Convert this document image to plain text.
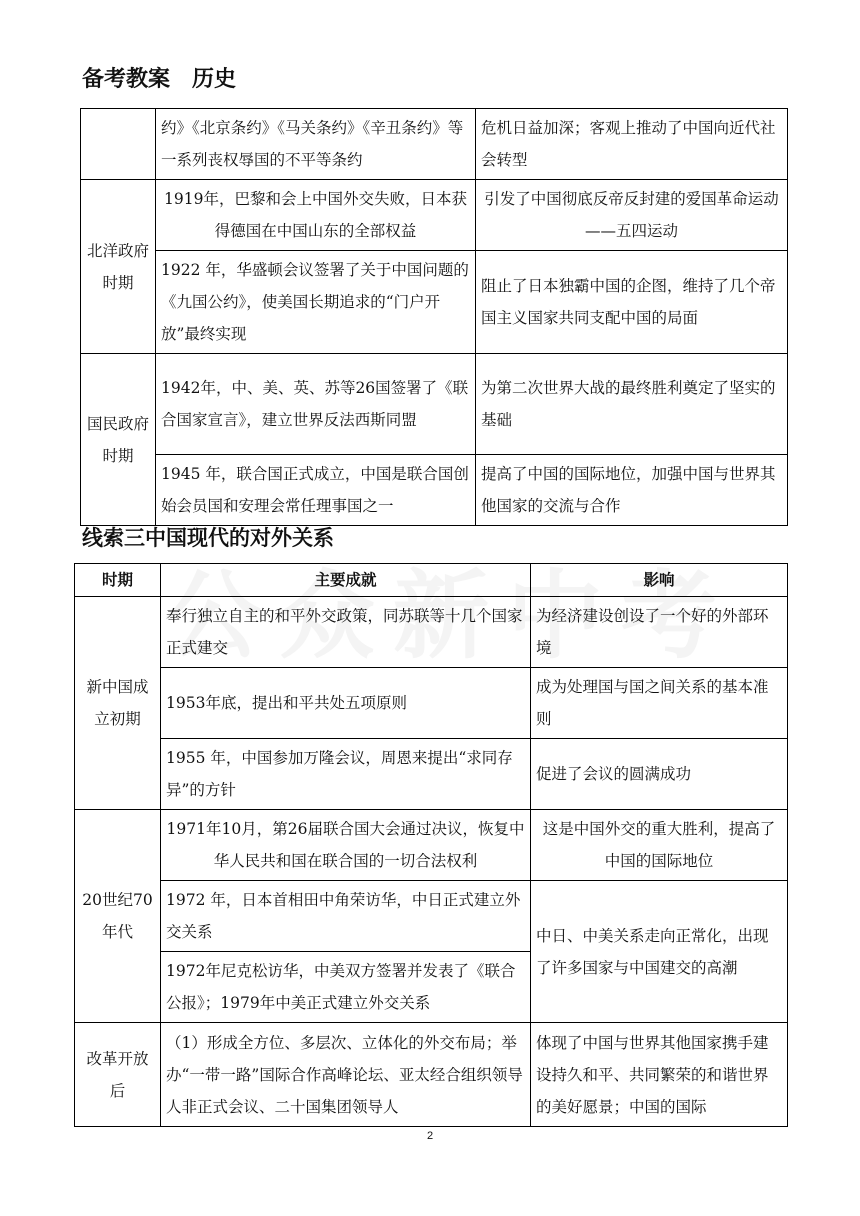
备考教案 历史
	约》《北京条约》《马关条约》《辛丑条约》等一系列丧权辱国的不平等条约	危机日益加深；客观上推动了中国向近代社会转型
北洋政府时期	1919年，巴黎和会上中国外交失败，日本获得德国在中国山东的全部权益	引发了中国彻底反帝反封建的爱国革命运动——五四运动
	1922 年，华盛顿会议签署了关于中国问题的《九国公约》，使美国长期追求的“门户开放”最终实现	阻止了日本独霸中国的企图，维持了几个帝国主义国家共同支配中国的局面
国民政府时期	1942年，中、美、英、苏等26国签署了《联合国家宣言》，建立世界反法西斯同盟	为第二次世界大战的最终胜利奠定了坚实的基础
	1945 年，联合国正式成立，中国是联合国创始会员国和安理会常任理事国之一	提高了中国的国际地位，加强中国与世界其他国家的交流与合作
线索三中国现代的对外关系
时期	主要成就	影响
新中国成立初期	奉行独立自主的和平外交政策，同苏联等十几个国家正式建交	为经济建设创设了一个好的外部环境
	1953年底，提出和平共处五项原则	成为处理国与国之间关系的基本准则
	1955 年，中国参加万隆会议，周恩来提出“求同存异”的方针	促进了会议的圆满成功
20世纪70年代	1971年10月，第26届联合国大会通过决议，恢复中华人民共和国在联合国的一切合法权利	这是中国外交的重大胜利，提高了中国的国际地位
	1972 年，日本首相田中角荣访华，中日正式建立外交关系	中日、中美关系走向正常化，出现了许多国家与中国建交的高潮
	1972年尼克松访华，中美双方签署并发表了《联合公报》；1979年中美正式建立外交关系	
改革开放后	（1）形成全方位、多层次、立体化的外交布局；举办“一带一路”国际合作高峰论坛、亚太经合组织领导人非正式会议、二十国集团领导人	体现了中国与世界其他国家携手建设持久和平、共同繁荣的和谐世界的美好愿景；中国的国际
2
